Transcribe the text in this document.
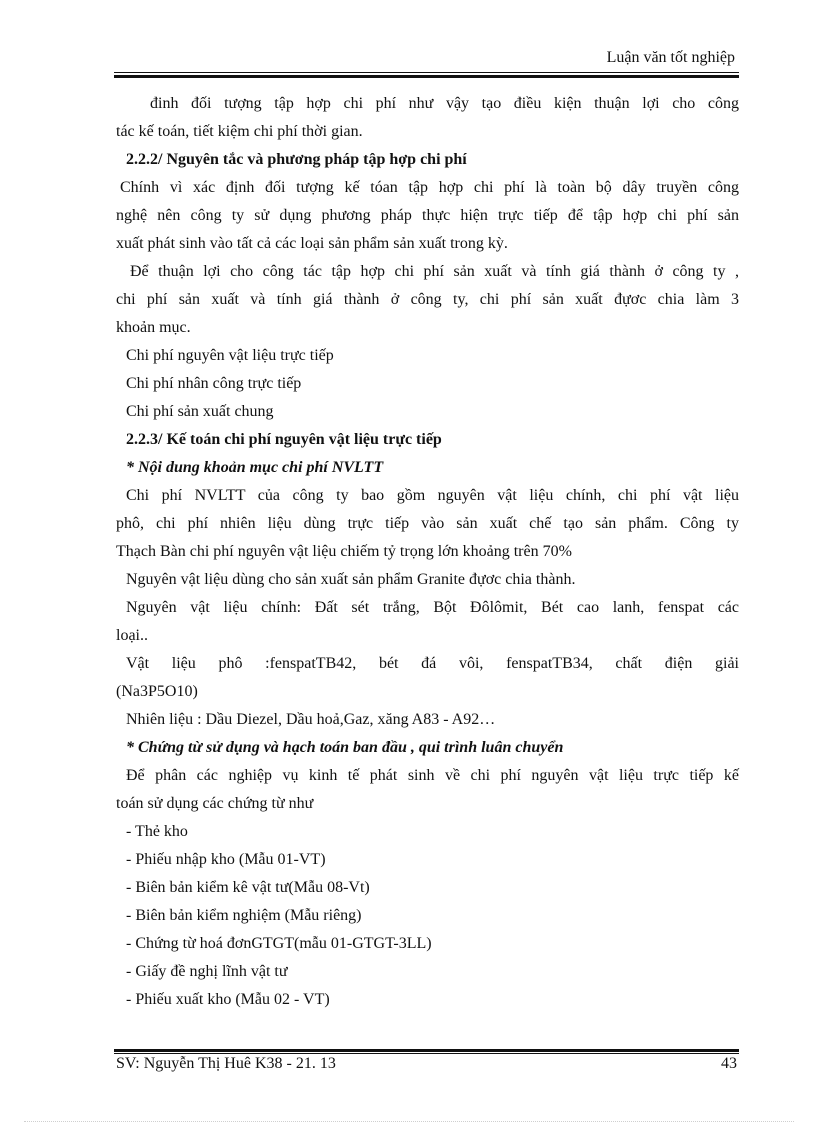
Luận văn tốt nghiệp
đinh đối tượng tập hợp chi phí như vậy tạo điều kiện thuận lợi cho công
tác kế toán, tiết kiệm chi phí thời gian.
2.2.2/ Nguyên tắc và phương pháp tập hợp chi phí
Chính vì xác định đối tượng kế tóan tập hợp chi phí là toàn bộ dây truyền công
nghệ nên công ty sử dụng phương pháp thực hiện trực tiếp để tập hợp chi phí sản
xuất phát sinh vào tất cả các loại sản phẩm sản xuất trong kỳ.
Để thuận lợi cho công tác tập hợp chi phí sản xuất và tính giá thành ở công ty ,
chi phí sản xuất và tính giá thành ở công ty, chi phí sản xuất đựơc chia làm 3
khoản mục.
Chi phí nguyên vật liệu trực tiếp
Chi phí nhân công trực tiếp
Chi phí sản xuất chung
2.2.3/ Kế toán chi phí nguyên vật liệu trực tiếp
* Nội dung khoản mục chi phí NVLTT
Chi phí NVLTT của công ty bao gồm nguyên vật liệu chính, chi phí vật liệu
phô, chi phí nhiên liệu dùng trực tiếp vào sản xuất chế tạo sản phẩm. Công ty
Thạch Bàn chi phí nguyên vật liệu chiếm tỷ trọng lớn khoảng trên 70%
Nguyên vật liệu dùng cho sản xuất sản phẩm Granite đựơc chia thành.
Nguyên vật liệu chính: Đất sét trắng, Bột Đôlômit, Bét cao lanh, fenspat các
loại..
Vật liệu phô :fenspatTB42, bét đá vôi, fenspatTB34, chất điện giải
(Na3P5O10)
Nhiên liệu : Dầu Diezel, Dầu hoả,Gaz, xăng A83 - A92…
* Chứng từ sử dụng và hạch toán ban đầu , qui trình luân chuyển
Để phân các nghiệp vụ kinh tế phát sinh về chi phí nguyên vật liệu trực tiếp kế
toán sử dụng các chứng từ như
- Thẻ kho
- Phiếu nhập kho (Mẫu 01-VT)
- Biên bản kiểm kê vật tư(Mẫu 08-Vt)
- Biên bản kiểm nghiệm (Mẫu riêng)
- Chứng từ hoá đơnGTGT(mẫu 01-GTGT-3LL)
- Giấy đề nghị lĩnh vật tư
- Phiếu xuất kho (Mẫu 02 - VT)
SV: Nguyễn Thị Huê K38 - 21. 13	43
